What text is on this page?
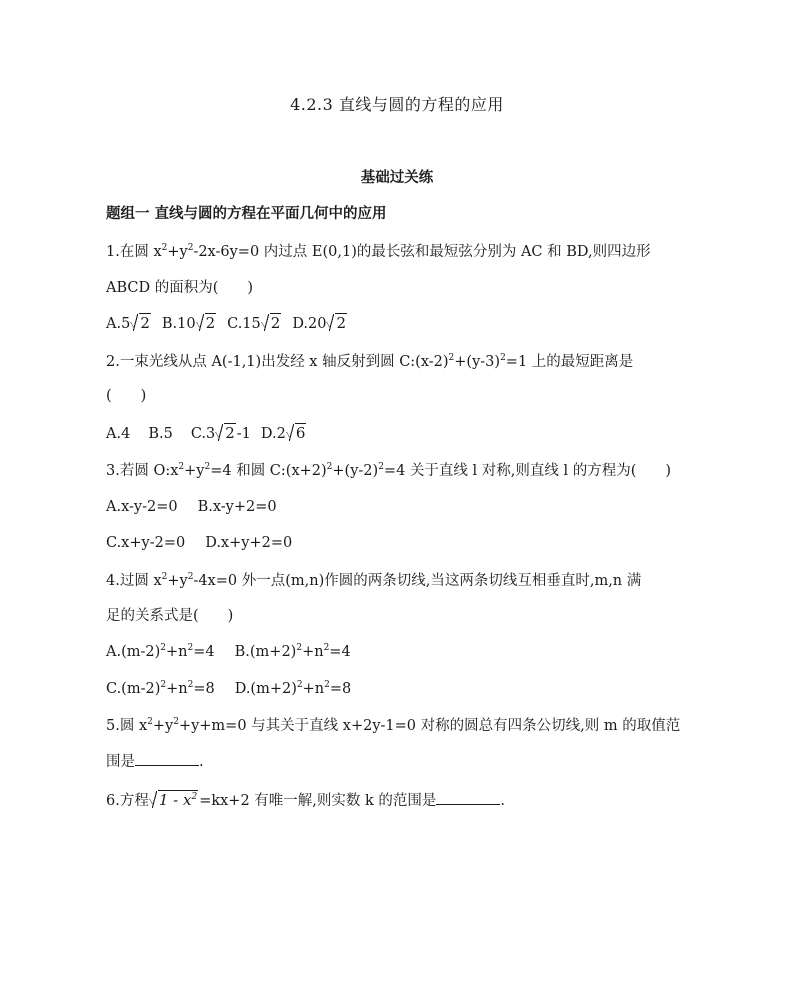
4.2.3 直线与圆的方程的应用
基础过关练
题组一 直线与圆的方程在平面几何中的应用
1.在圆 $x^2+y^2-2x-6y=0$ 内过点 E(0,1)的最长弦和最短弦分别为 AC 和 BD,则四边形
ABCD 的面积为(　　)
A.5 2 B.10 2 C.15 2 D.20 2
2.一束光线从点 A(-1,1)出发经 x 轴反射到圆 $C:(x-2)^2+(y-3)^2=1$ 上的最短距离是
(　　)
A.4 B.5 C.3 2 -1 D.2 6
3.若圆 $O:x^2+y^2=4$ 和圆 $C:(x+2)^2+(y-2)^2=4$ 关于直线 l 对称,则直线 l 的方程为(　　)
A.x-y-2=0 B.x-y+2=0
C.x+y-2=0 D.x+y+2=0
4.过圆 $x^2+y^2-4x=0$ 外一点(m,n)作圆的两条切线,当这两条切线互相垂直时,m,n 满
足的关系式是(　　)
$A.(m-2)^2+n^2=4$ $B.(m+2)^2+n^2=4$
$C.(m-2)^2+n^2=8$ $D.(m+2)^2+n^2=8$
5.圆 $x^2+y^2+y+m=0$ 与其关于直线 x+2y-1=0 对称的圆总有四条公切线,则 m 的取值范
围是	.
6.方程 $1 - x^2 =kx+2$ 有唯一解,则实数 k 的范围是	.
